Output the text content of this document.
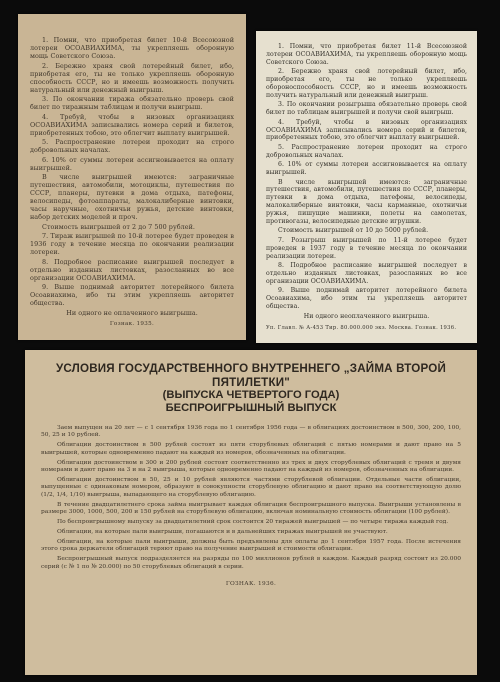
1. Помни, что приобретая билет 10-й Всесоюзной лотереи ОСОАВИАХИМА, ты укрепляешь оборонную мощь Советского Союза.

2. Бережно храня свой лотерейный билет, ибо, приобретая его, ты не только укрепляешь оборонную способность СССР, но и имеешь возможность получить натуральный или денежный выигрыш.

3. По окончании тиража обязательно проверь свой билет по тиражным таблицам и получи выигрыш.

4. Требуй, чтобы в низовых организациях ОСОАВИАХИМА записывались номера серий и билетов, приобретенных тобою, это облегчит выплату выигрышей.

5. Распространение лотереи проходит на строго добровольных началах.

6. 10% от суммы лотереи ассигновывается на оплату выигрышей.

В числе выигрышей имеются: заграничные путешествия, автомобили, мотоциклы, путешествия по СССР, планеры, путевки в дома отдыха, патефоны, велосипеды, фотоаппараты, малокалиберные винтовки, часы наручные, охотничьи ружья, детские винтовки, набор детских моделей и проч.

Стоимость выигрышей от 2 до 7 500 рублей.

7. Тираж выигрышей по 10-й лотерее будет проведен в 1936 году в течение месяца по окончании реализации лотереи.

8. Подробное расписание выигрышей последует в отдельно изданных листовках, разосланных во все организации ОСОАВИАХИМА.

9. Выше поднимай авторитет лотерейного билета Осоавиахима, ибо ты этим укрепляешь авторитет общества.

Ни одного не оплаченного выигрыша.

Гознак. 1935.

1. Помни, что приобретая билет 11-й Всесоюзной лотереи ОСОАВИАХИМА, ты укрепляешь оборонную мощь Советского Союза.

2. Бережно храня свой лотерейный билет, ибо, приобретая его, ты не только укрепляешь обороноспособность СССР, но и имеешь возможность получить натуральный или денежный выигрыш.

3. По окончании розыгрыша обязательно проверь свой билет по таблицам выигрышей и получи свой выигрыш.

4. Требуй, чтобы в низовых организациях ОСОАВИАХИМА записывались номера серий и билетов, приобретенных тобою, это облегчит выплату выигрышей.

5. Распространение лотереи проходит на строго добровольных началах.

6. 10% от суммы лотереи ассигновывается на оплату выигрышей.

В числе выигрышей имеются: заграничные путешествия, автомобили, путешествия по СССР, планеры, путевки в дома отдыха, патефоны, велосипеды, малокалиберные винтовки, часы карманные, охотничьи ружья, пишущие машинки, полеты на самолетах, противогазы, велосипедные детские игрушки.

Стоимость выигрышей от 10 до 5000 рублей.

7. Розыгрыш выигрышей по 11-й лотерее будет проведен в 1937 году в течение месяца по окончании реализации лотереи.

8. Подробное расписание выигрышей последует в отдельно изданных листовках, разосланных во все организации ОСОАВИАХИМА.

9. Выше поднимай авторитет лотерейного билета Осоавиахима, ибо этим ты укрепляешь авторитет общества.

Ни одного неоплаченного выигрыша.

Уп. Главл. № А-453 Тир. 80.000.000 экз. Москва. Гознак. 1936.
УСЛОВИЯ ГОСУДАРСТВЕННОГО ВНУТРЕННЕГО „ЗАЙМА ВТОРОЙ ПЯТИЛЕТКИ"
(ВЫПУСКА ЧЕТВЕРТОГО ГОДА)
БЕСПРОИГРЫШНЫЙ ВЫПУСК

Заем выпущен на 20 лет — с 1 сентября 1936 года по 1 сентября 1956 года — в облигациях достоинством в 500, 300, 200, 100, 50, 25 и 10 рублей.

Облигации достоинством в 500 рублей состоят из пяти сторублевых облигаций с пятью номерами и дают право на 5 выигрышей, которые одновременно падают на каждый из номеров, обозначенных на облигации.

Облигации достоинством в 300 и 200 рублей состоят соответственно из трех и двух сторублевых облигаций с тремя и двумя номерами и дают право на 3 и на 2 выигрыша, которые одновременно падают на каждый из номеров, обозначенных на облигации.

Облигации достоинством в 50, 25 и 10 рублей являются частями сторублевой облигации. Отдельные части облигации, выпущенные с одинаковым номером, образуют в совокупности сторублевую облигацию и дают право на соответствующую долю (1/2, 1/4, 1/10) выигрыша, выпадающего на сторублевую облигацию.

В течение двадцатилетнего срока займа выигрывает каждая облигация беспроигрышного выпуска. Выигрыши установлены в размере 3000, 1000, 500, 200 и 150 рублей на сторублевую облигацию, включая номинальную стоимость облигации (100 рублей).

По беспроигрышному выпуску за двадцатилетний срок состоится 20 тиражей выигрышей — по четыре тиража каждый год.

Облигации, на которые пали выигрыши, погашаются и в дальнейших тиражах выигрышей не участвуют.

Облигации, на которые пали выигрыши, должны быть предъявлены для оплаты до 1 сентября 1957 года. После истечения этого срока держатели облигаций теряют право на получение выигрышей и стоимости облигации.

Беспроигрышный выпуск подразделяется на разряды по 100 миллионов рублей в каждом. Каждый разряд состоит из 20.000 серий (с № 1 по № 20.000) по 50 сторублевых облигаций в серии.

ГОЗНАК. 1936.
